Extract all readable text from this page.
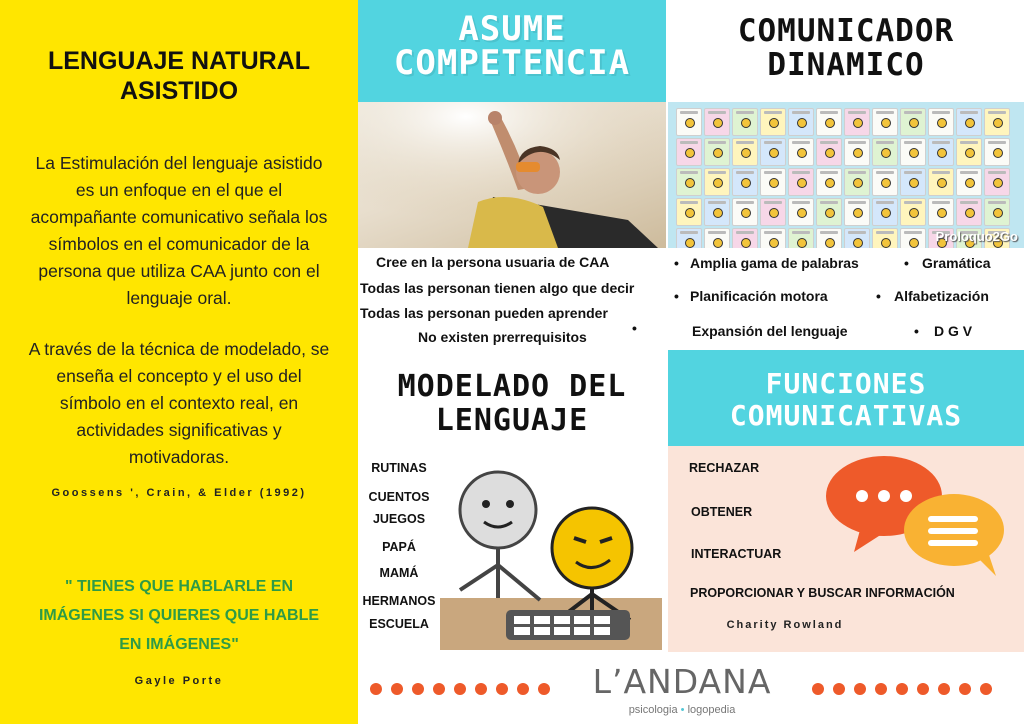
LENGUAJE NATURAL ASISTIDO

La Estimulación del lenguaje asistido es un enfoque en el que el acompañante comunicativo señala los símbolos en el comunicador de la persona que utiliza CAA junto con el lenguaje oral.

A través de la técnica de modelado, se enseña el concepto y el uso del símbolo en el contexto real, en actividades significativas y motivadoras.

Goossens ', Crain, & Elder (1992)

" TIENES QUE HABLARLE EN IMÁGENES SI QUIERES QUE HABLE EN IMÁGENES"

Gayle Porte

ASUME COMPETENCIA
Cree en la persona usuaria de CAA
Todas las personan tienen algo que decir
Todas las personan pueden aprender
No existen prerrequisitos
•
COMUNICADOR DINAMICO
Proloquo2Go
• Amplia gama de palabras	• Gramática
• Planificación motora	• Alfabetización
Expansión del lenguaje	• D G V
MODELADO DEL LENGUAJE
RUTINAS
CUENTOS
JUEGOS
PAPÁ
MAMÁ
HERMANOS
ESCUELA
FUNCIONES COMUNICATIVAS
RECHAZAR
OBTENER
INTERACTUAR
PROPORCIONAR Y BUSCAR INFORMACIÓN
Charity Rowland
L’ANDANA
psicologia • logopedia
